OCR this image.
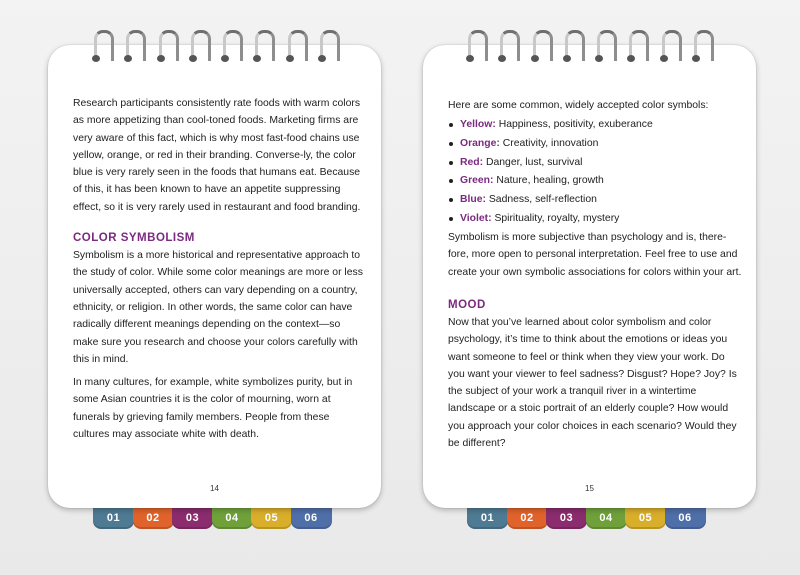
Research participants consistently rate foods with warm colors as more appetizing than cool-toned foods. Marketing firms are very aware of this fact, which is why most fast-food chains use yellow, orange, or red in their branding. Converse-ly, the color blue is very rarely seen in the foods that humans eat. Because of this, it has been known to have an appetite suppressing effect, so it is very rarely used in restaurant and food branding.

COLOR SYMBOLISM

Symbolism is a more historical and representative approach to the study of color. While some color meanings are more or less universally accepted, others can vary depending on a country, ethnicity, or religion. In other words, the same color can have radically different meanings depending on the context—so make sure you research and choose your colors carefully with this in mind.

In many cultures, for example, white symbolizes purity, but in some Asian countries it is the color of mourning, worn at funerals by grieving family members. People from these cultures may associate white with death.

14

Here are some common, widely accepted color symbols:

Yellow: Happiness, positivity, exuberance
Orange: Creativity, innovation
Red: Danger, lust, survival
Green: Nature, healing, growth
Blue: Sadness, self-reflection
Violet: Spirituality, royalty, mystery

Symbolism is more subjective than psychology and is, there-fore, more open to personal interpretation. Feel free to use and create your own symbolic associations for colors within your art.

MOOD

Now that you’ve learned about color symbolism and color psychology, it’s time to think about the emotions or ideas you want someone to feel or think when they view your work. Do you want your viewer to feel sadness? Disgust? Hope? Joy? Is the subject of your work a tranquil river in a wintertime landscape or a stoic portrait of an elderly couple? How would you approach your color choices in each scenario? Would they be different?

15
01	02	03	04	05	06	01	02	03	04	05	06
